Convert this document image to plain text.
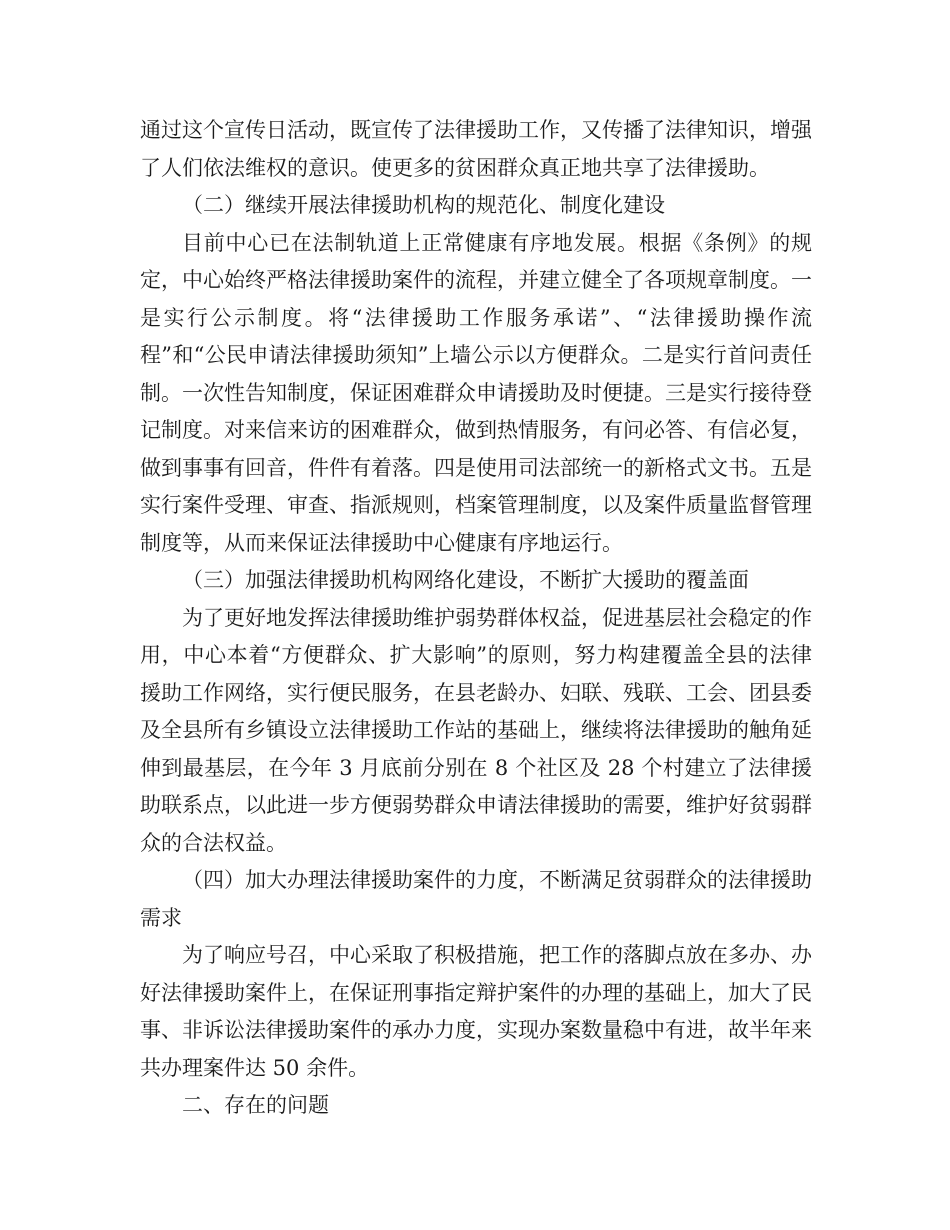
通过这个宣传日活动，既宣传了法律援助工作，又传播了法律知识，增强了人们依法维权的意识。使更多的贫困群众真正地共享了法律援助。

（二）继续开展法律援助机构的规范化、制度化建设

目前中心已在法制轨道上正常健康有序地发展。根据《条例》的规定，中心始终严格法律援助案件的流程，并建立健全了各项规章制度。一是实行公示制度。将“法律援助工作服务承诺”、“法律援助操作流程”和“公民申请法律援助须知”上墙公示以方便群众。二是实行首问责任制。一次性告知制度，保证困难群众申请援助及时便捷。三是实行接待登记制度。对来信来访的困难群众，做到热情服务，有问必答、有信必复，做到事事有回音，件件有着落。四是使用司法部统一的新格式文书。五是实行案件受理、审查、指派规则，档案管理制度，以及案件质量监督管理制度等，从而来保证法律援助中心健康有序地运行。

（三）加强法律援助机构网络化建设，不断扩大援助的覆盖面

为了更好地发挥法律援助维护弱势群体权益，促进基层社会稳定的作用，中心本着“方便群众、扩大影响”的原则，努力构建覆盖全县的法律援助工作网络，实行便民服务，在县老龄办、妇联、残联、工会、团县委及全县所有乡镇设立法律援助工作站的基础上，继续将法律援助的触角延伸到最基层，在今年 3 月底前分别在 8 个社区及 28 个村建立了法律援助联系点，以此进一步方便弱势群众申请法律援助的需要，维护好贫弱群众的合法权益。

（四）加大办理法律援助案件的力度，不断满足贫弱群众的法律援助需求

为了响应号召，中心采取了积极措施，把工作的落脚点放在多办、办好法律援助案件上，在保证刑事指定辩护案件的办理的基础上，加大了民事、非诉讼法律援助案件的承办力度，实现办案数量稳中有进，故半年来共办理案件达 50 余件。

二、存在的问题
